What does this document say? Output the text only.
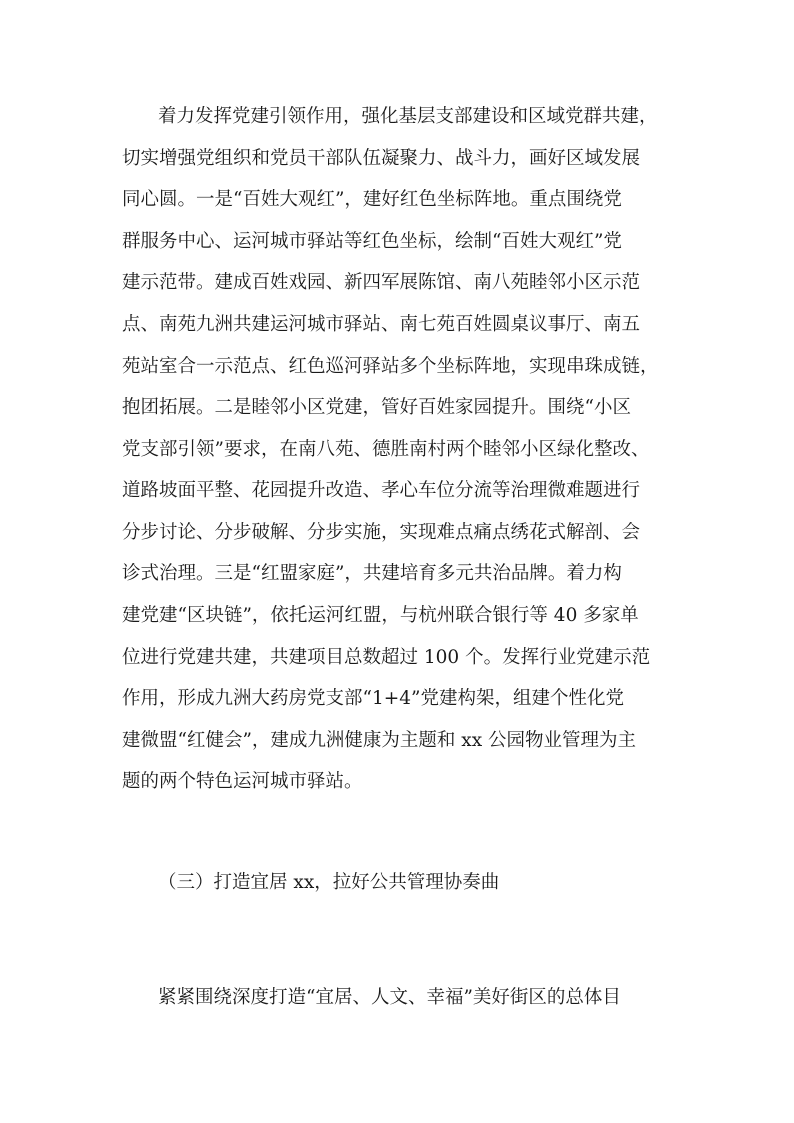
着力发挥党建引领作用，强化基层支部建设和区域党群共建，
切实增强党组织和党员干部队伍凝聚力、战斗力，画好区域发展
同心圆。一是“百姓大观红”，建好红色坐标阵地。重点围绕党
群服务中心、运河城市驿站等红色坐标，绘制“百姓大观红”党
建示范带。建成百姓戏园、新四军展陈馆、南八苑睦邻小区示范
点、南苑九洲共建运河城市驿站、南七苑百姓圆桌议事厅、南五
苑站室合一示范点、红色巡河驿站多个坐标阵地，实现串珠成链，
抱团拓展。二是睦邻小区党建，管好百姓家园提升。围绕“小区
党支部引领”要求，在南八苑、德胜南村两个睦邻小区绿化整改、
道路坡面平整、花园提升改造、孝心车位分流等治理微难题进行
分步讨论、分步破解、分步实施，实现难点痛点绣花式解剖、会
诊式治理。三是“红盟家庭”，共建培育多元共治品牌。着力构
建党建“区块链”，依托运河红盟，与杭州联合银行等 40 多家单
位进行党建共建，共建项目总数超过 100 个。发挥行业党建示范
作用，形成九洲大药房党支部“1+4”党建构架，组建个性化党
建微盟“红健会”，建成九洲健康为主题和 xx 公园物业管理为主
题的两个特色运河城市驿站。
（三）打造宜居 xx，拉好公共管理协奏曲
紧紧围绕深度打造“宜居、人文、幸福”美好街区的总体目
